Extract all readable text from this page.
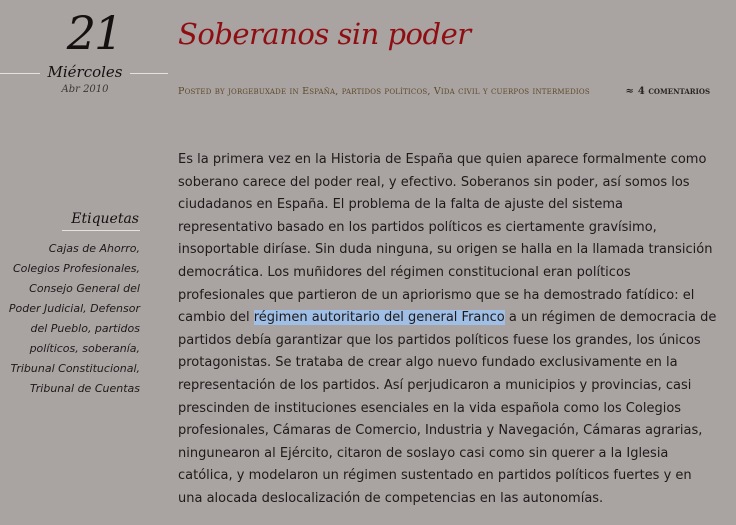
21
Miércoles
Abr 2010
Soberanos sin poder
Posted by jorgebuxade in España, partidos políticos, Vida civil y cuerpos intermedios	≈ 4 comentarios
Etiquetas
Cajas de Ahorro,
Colegios Profesionales,
Consejo General del
Poder Judicial, Defensor
del Pueblo, partidos
políticos, soberanía,
Tribunal Constitucional,
Tribunal de Cuentas

Es la primera vez en la Historia de España que quien aparece formalmente como soberano carece del poder real, y efectivo. Soberanos sin poder, así somos los ciudadanos en España. El problema de la falta de ajuste del sistema representativo basado en los partidos políticos es ciertamente gravísimo, insoportable diríase. Sin duda ninguna, su origen se halla en la llamada transición democrática. Los muñidores del régimen constitucional eran políticos profesionales que partieron de un apriorismo que se ha demostrado fatídico: el cambio del régimen autoritario del general Franco a un régimen de democracia de partidos debía garantizar que los partidos políticos fuese los grandes, los únicos protagonistas. Se trataba de crear algo nuevo fundado exclusivamente en la representación de los partidos. Así perjudicaron a municipios y provincias, casi prescinden de instituciones esenciales en la vida española como los Colegios profesionales, Cámaras de Comercio, Industria y Navegación, Cámaras agrarias, ningunearon al Ejército, citaron de soslayo casi como sin querer a la Iglesia católica, y modelaron un régimen sustentado en partidos políticos fuertes y en una alocada deslocalización de competencias en las autonomías.
